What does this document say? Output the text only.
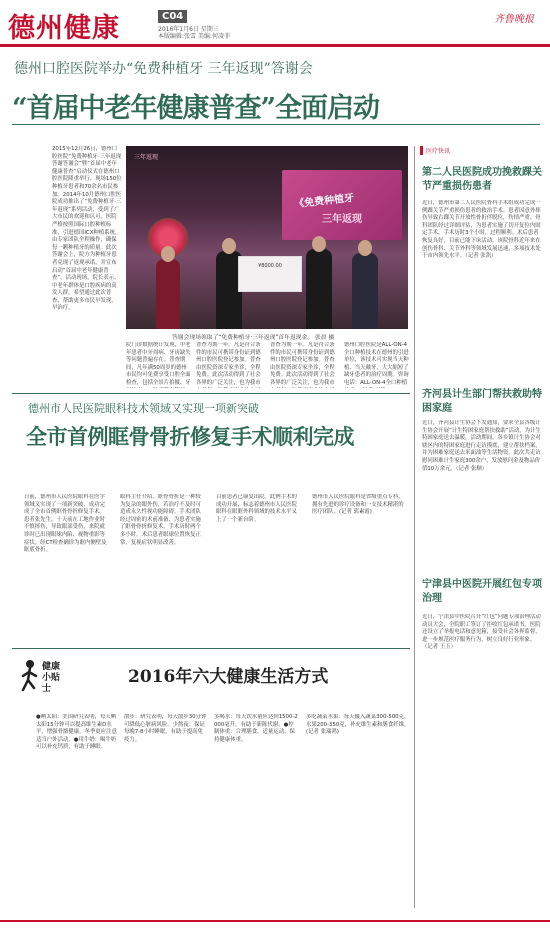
德州健康	C04
2016年1月6日 星期三
本版编辑:张雪 美编:何凌菲
齐鲁晚报
德州口腔医院举办“免费种植牙 三年返现”答谢会
“首届中老年健康普查”全面启动
2015年12月26日，德州口腔医院“免费种植牙·三年返现答谢答谢会”暨“首届中老年健康普查”启动仪式在德州口腔医院隆重举行。现场150位种植牙患者和70余名市民参加。2014年10月德州口腔医院成功推出了“免费种植牙·三年返现”系列活动，受到了广大市民的欢迎和认可。医院严格按照国际口腔种植标准，引进德国ICX种植系统，由专家团队全程操作，确保每一颗种植牙的质量。此次答谢会上，院方为种植牙患者兑现了返现承诺，并宣布启动“首届中老年健康普查”。活动现场，院长表示，中老年群体是口腔疾病的高发人群，希望通过此次普查，帮助更多市民早发现、早治疗。
三年返现
《免费种植牙
三年返现
¥8000.00
答谢会现场领取了“免费种植牙·三年返现”首年返现金。 张晨 摄
院门诊数据统计发现，中老年患者中牙周病、牙齿缺失等问题普遍存在。普查期间，凡年满50周岁的德州市民均可免费享受口腔全面检查，包括全景片拍摄、牙
普查为期一年。凡是符合条件的市民可携带身份证到德州口腔医院登记参加。普查由医院资深专家坐诊，全程免费。此次活动得到了社会各界的广泛关注，也为我市
普查为期一年。凡是符合条件的市民可携带身份证到德州口腔医院登记参加。普查由医院资深专家坐诊，全程免费。此次活动得到了社会各界的广泛关注，也为我市
德州口腔医院是ALL-ON-4全口种植技术在德州的引进单位，该技术可实现当天种植、当天戴牙，大大缩短了缺牙患者的治疗周期。咨询电话：ALL-ON-4全口种植
医疗快讯
第二人民医院成功挽救踝关节严重损伤患者
近日，德州市第二人民医院骨科手术组成功完成一例踝关节严重损伤患者的救治手术。患者因意外摔伤导致右踝关节开放性骨折伴脱位，伤情严重。骨科团队经过详细评估，为患者实施了切开复位内固定手术，手术历时3个小时，过程顺利。术后患者恢复良好，目前已能下床活动。该院骨科近年来在创伤骨科、关节外科等领域发展迅速，多项技术处于市内领先水平。（记者 张凯）
齐河县计生部门帮扶救助特困家庭
近日，齐河县计生协会下发通知，要求全县各级计生协会开展“计生特困家庭帮扶救助”活动，为计生特困家庭送去温暖。活动期间，各乡镇计生协会对辖区内的特困家庭进行走访摸底，建立帮扶档案，并为困难家庭送去米面油等生活物资。此次共走访慰问困难计生家庭300余户，发放慰问金及物品价值10万余元。（记者 张顺）
宁津县中医院开展红包专项治理
近日，宁津县中医院召开“红包”问题专项治理活动动员大会，全院职工签订了拒收红包承诺书。医院还设立了举报电话和意见箱，接受社会各界监督，进一步规范医疗服务行为，树立良好行业形象。（记者 王玉）
德州市人民医院眼科技术领域又实现一项新突破
全市首例眶骨骨折修复手术顺利完成
日前，德州市人民医院眼科在医学领域又实现了一项新突破，成功完成了全市首例眶骨骨折修复手术。患者张先生，十天前在工地作业时不慎摔伤，导致眼部受伤，来院就诊时已出现眼球内陷、视物重影等症状。经CT检查确诊为眶内侧壁及眶底骨折。
眼科主任介绍，眶骨骨折是一种较为复杂的眼外伤，若治疗不及时可造成永久性视功能障碍。手术团队经过周密的术前准备，为患者实施了眶骨骨折修复术，手术历时两个多小时。术后患者眼球位置恢复正常，复视症状明显改善。
目前患者已康复出院。此例手术的成功开展，标志着德州市人民医院眼科在眼眶外科领域的技术水平又上了一个新台阶。
德州市人民医院眼科是省级重点专科，拥有先进的诊疗设备和一支技术精湛的医疗团队。(记者 郭素霞)
健康小贴士
2016年六大健康生活方式
●晒太阳：美国研究表明，每天晒太阳15分钟可以提高维生素D水平，增强骨骼健康。冬季更应注意适当户外活动。●用牛奶：喝牛奶可以补充钙质，有助于睡眠。
散步：研究表明，每天散步30分钟可降低心脏病风险。少熬夜：保证每晚7-8小时睡眠，有助于提高免疫力。
多喝水：每天饮水量应达到1500-2000毫升，有助于新陈代谢。●控制体重：合理膳食，适量运动，保持健康体重。
多吃蔬菜水果：每天摄入蔬菜300-500克，水果200-350克，补充维生素和膳食纤维。(记者 张瑞鸿)
